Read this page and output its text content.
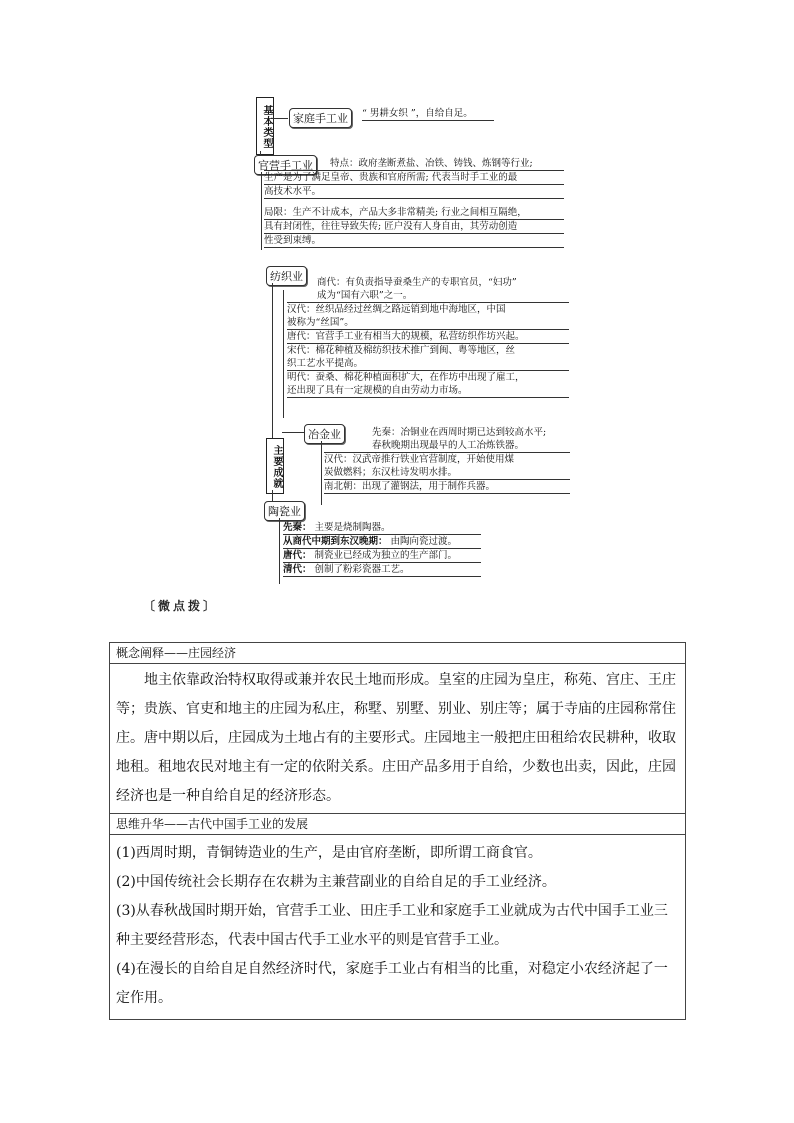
基本类型	家庭手工业	“ 男耕女织 ”，自给自足。
官营手工业	特点：政府垄断煮盐、冶铁、铸钱、炼钢等行业;
生产是为了满足皇帝、贵族和官府所需; 代表当时手工业的最
高技术水平。
局限：生产不计成本，产品大多非常精美; 行业之间相互隔绝，
具有封闭性，往往导致失传; 匠户没有人身自由，其劳动创造
性受到束缚。
纺织业	商代：有负责指导蚕桑生产的专职官员，“妇功”
成为“国有六职”之一。
汉代：丝织品经过丝绸之路远销到地中海地区，中国
被称为“丝国”。
唐代：官营手工业有相当大的规模，私营纺织作坊兴起。
宋代：棉花种植及棉纺织技术推广到闽、粤等地区，丝
织工艺水平提高。
明代：蚕桑、棉花种植面积扩大，在作坊中出现了雇工，
还出现了具有一定规模的自由劳动力市场。
主要成就
冶金业	先秦：冶铜业在西周时期已达到较高水平;
春秋晚期出现最早的人工冶炼铁器。
汉代：汉武帝推行铁业官营制度，开始使用煤
炭做燃料；东汉杜诗发明水排。
南北朝：出现了灌钢法，用于制作兵器。
陶瓷业
先秦： 主要是烧制陶器。
从商代中期到东汉晚期： 由陶向瓷过渡。
唐代： 制瓷业已经成为独立的生产部门。
清代： 创制了粉彩瓷器工艺。
〔微点拨〕
概念阐释——庄园经济

地主依靠政治特权取得或兼并农民土地而形成。皇室的庄园为皇庄，称苑、宫庄、王庄等；贵族、官吏和地主的庄园为私庄，称墅、别墅、别业、别庄等；属于寺庙的庄园称常住庄。唐中期以后，庄园成为土地占有的主要形式。庄园地主一般把庄田租给农民耕种，收取地租。租地农民对地主有一定的依附关系。庄田产品多用于自给，少数也出卖，因此，庄园经济也是一种自给自足的经济形态。

思维升华——古代中国手工业的发展

(1)西周时期，青铜铸造业的生产，是由官府垄断，即所谓工商食官。

(2)中国传统社会长期存在农耕为主兼营副业的自给自足的手工业经济。

(3)从春秋战国时期开始，官营手工业、田庄手工业和家庭手工业就成为古代中国手工业三种主要经营形态，代表中国古代手工业水平的则是官营手工业。

(4)在漫长的自给自足自然经济时代，家庭手工业占有相当的比重，对稳定小农经济起了一定作用。
